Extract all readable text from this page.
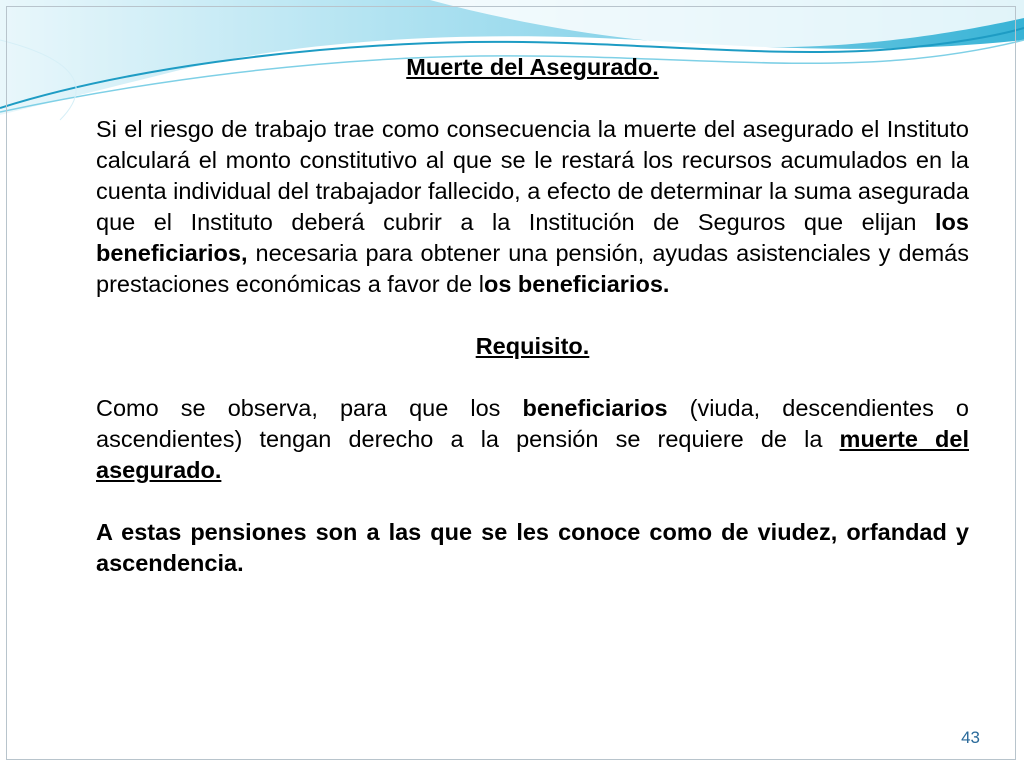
Muerte del Asegurado.

Si el riesgo de trabajo trae como consecuencia la muerte del asegurado el Instituto calculará el monto constitutivo al que se le restará los recursos acumulados en la cuenta individual del trabajador fallecido, a efecto de determinar la suma asegurada que el Instituto deberá cubrir a la Institución de Seguros que elijan los beneficiarios, necesaria para obtener una pensión, ayudas asistenciales y demás prestaciones económicas a favor de los beneficiarios.

Requisito.

Como se observa, para que los beneficiarios (viuda, descendientes o ascendientes) tengan derecho a la pensión se requiere de la muerte del asegurado.

A estas pensiones son a las que se les conoce como de viudez, orfandad y ascendencia.

43
